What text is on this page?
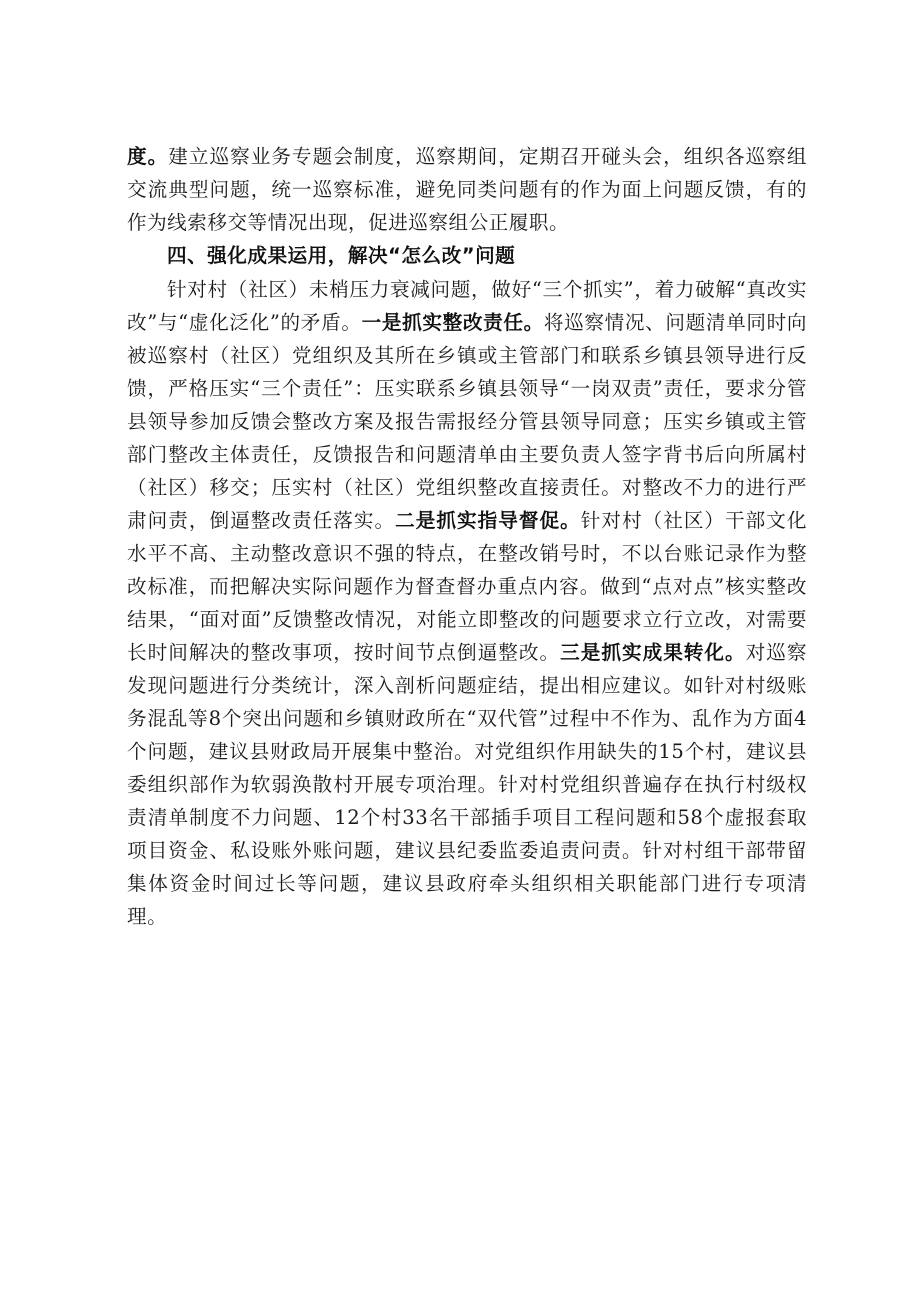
度。建立巡察业务专题会制度，巡察期间，定期召开碰头会，组织各巡察组交流典型问题，统一巡察标准，避免同类问题有的作为面上问题反馈，有的作为线索移交等情况出现，促进巡察组公正履职。

四、强化成果运用，解决“怎么改”问题

针对村（社区）未梢压力衰减问题，做好“三个抓实”，着力破解“真改实改”与“虚化泛化”的矛盾。一是抓实整改责任。将巡察情况、问题清单同时向被巡察村（社区）党组织及其所在乡镇或主管部门和联系乡镇县领导进行反馈，严格压实“三个责任”：压实联系乡镇县领导“一岗双责”责任，要求分管县领导参加反馈会整改方案及报告需报经分管县领导同意；压实乡镇或主管部门整改主体责任，反馈报告和问题清单由主要负责人签字背书后向所属村（社区）移交；压实村（社区）党组织整改直接责任。对整改不力的进行严肃问责，倒逼整改责任落实。二是抓实指导督促。针对村（社区）干部文化水平不高、主动整改意识不强的特点，在整改销号时，不以台账记录作为整改标准，而把解决实际问题作为督查督办重点内容。做到“点对点”核实整改结果，“面对面”反馈整改情况，对能立即整改的问题要求立行立改，对需要长时间解决的整改事项，按时间节点倒逼整改。三是抓实成果转化。对巡察发现问题进行分类统计，深入剖析问题症结，提出相应建议。如针对村级账务混乱等8个突出问题和乡镇财政所在“双代管”过程中不作为、乱作为方面4个问题，建议县财政局开展集中整治。对党组织作用缺失的15个村，建议县委组织部作为软弱涣散村开展专项治理。针对村党组织普遍存在执行村级权责清单制度不力问题、12个村33名干部插手项目工程问题和58个虚报套取项目资金、私设账外账问题，建议县纪委监委追责问责。针对村组干部带留集体资金时间过长等问题，建议县政府牵头组织相关职能部门进行专项清理。
